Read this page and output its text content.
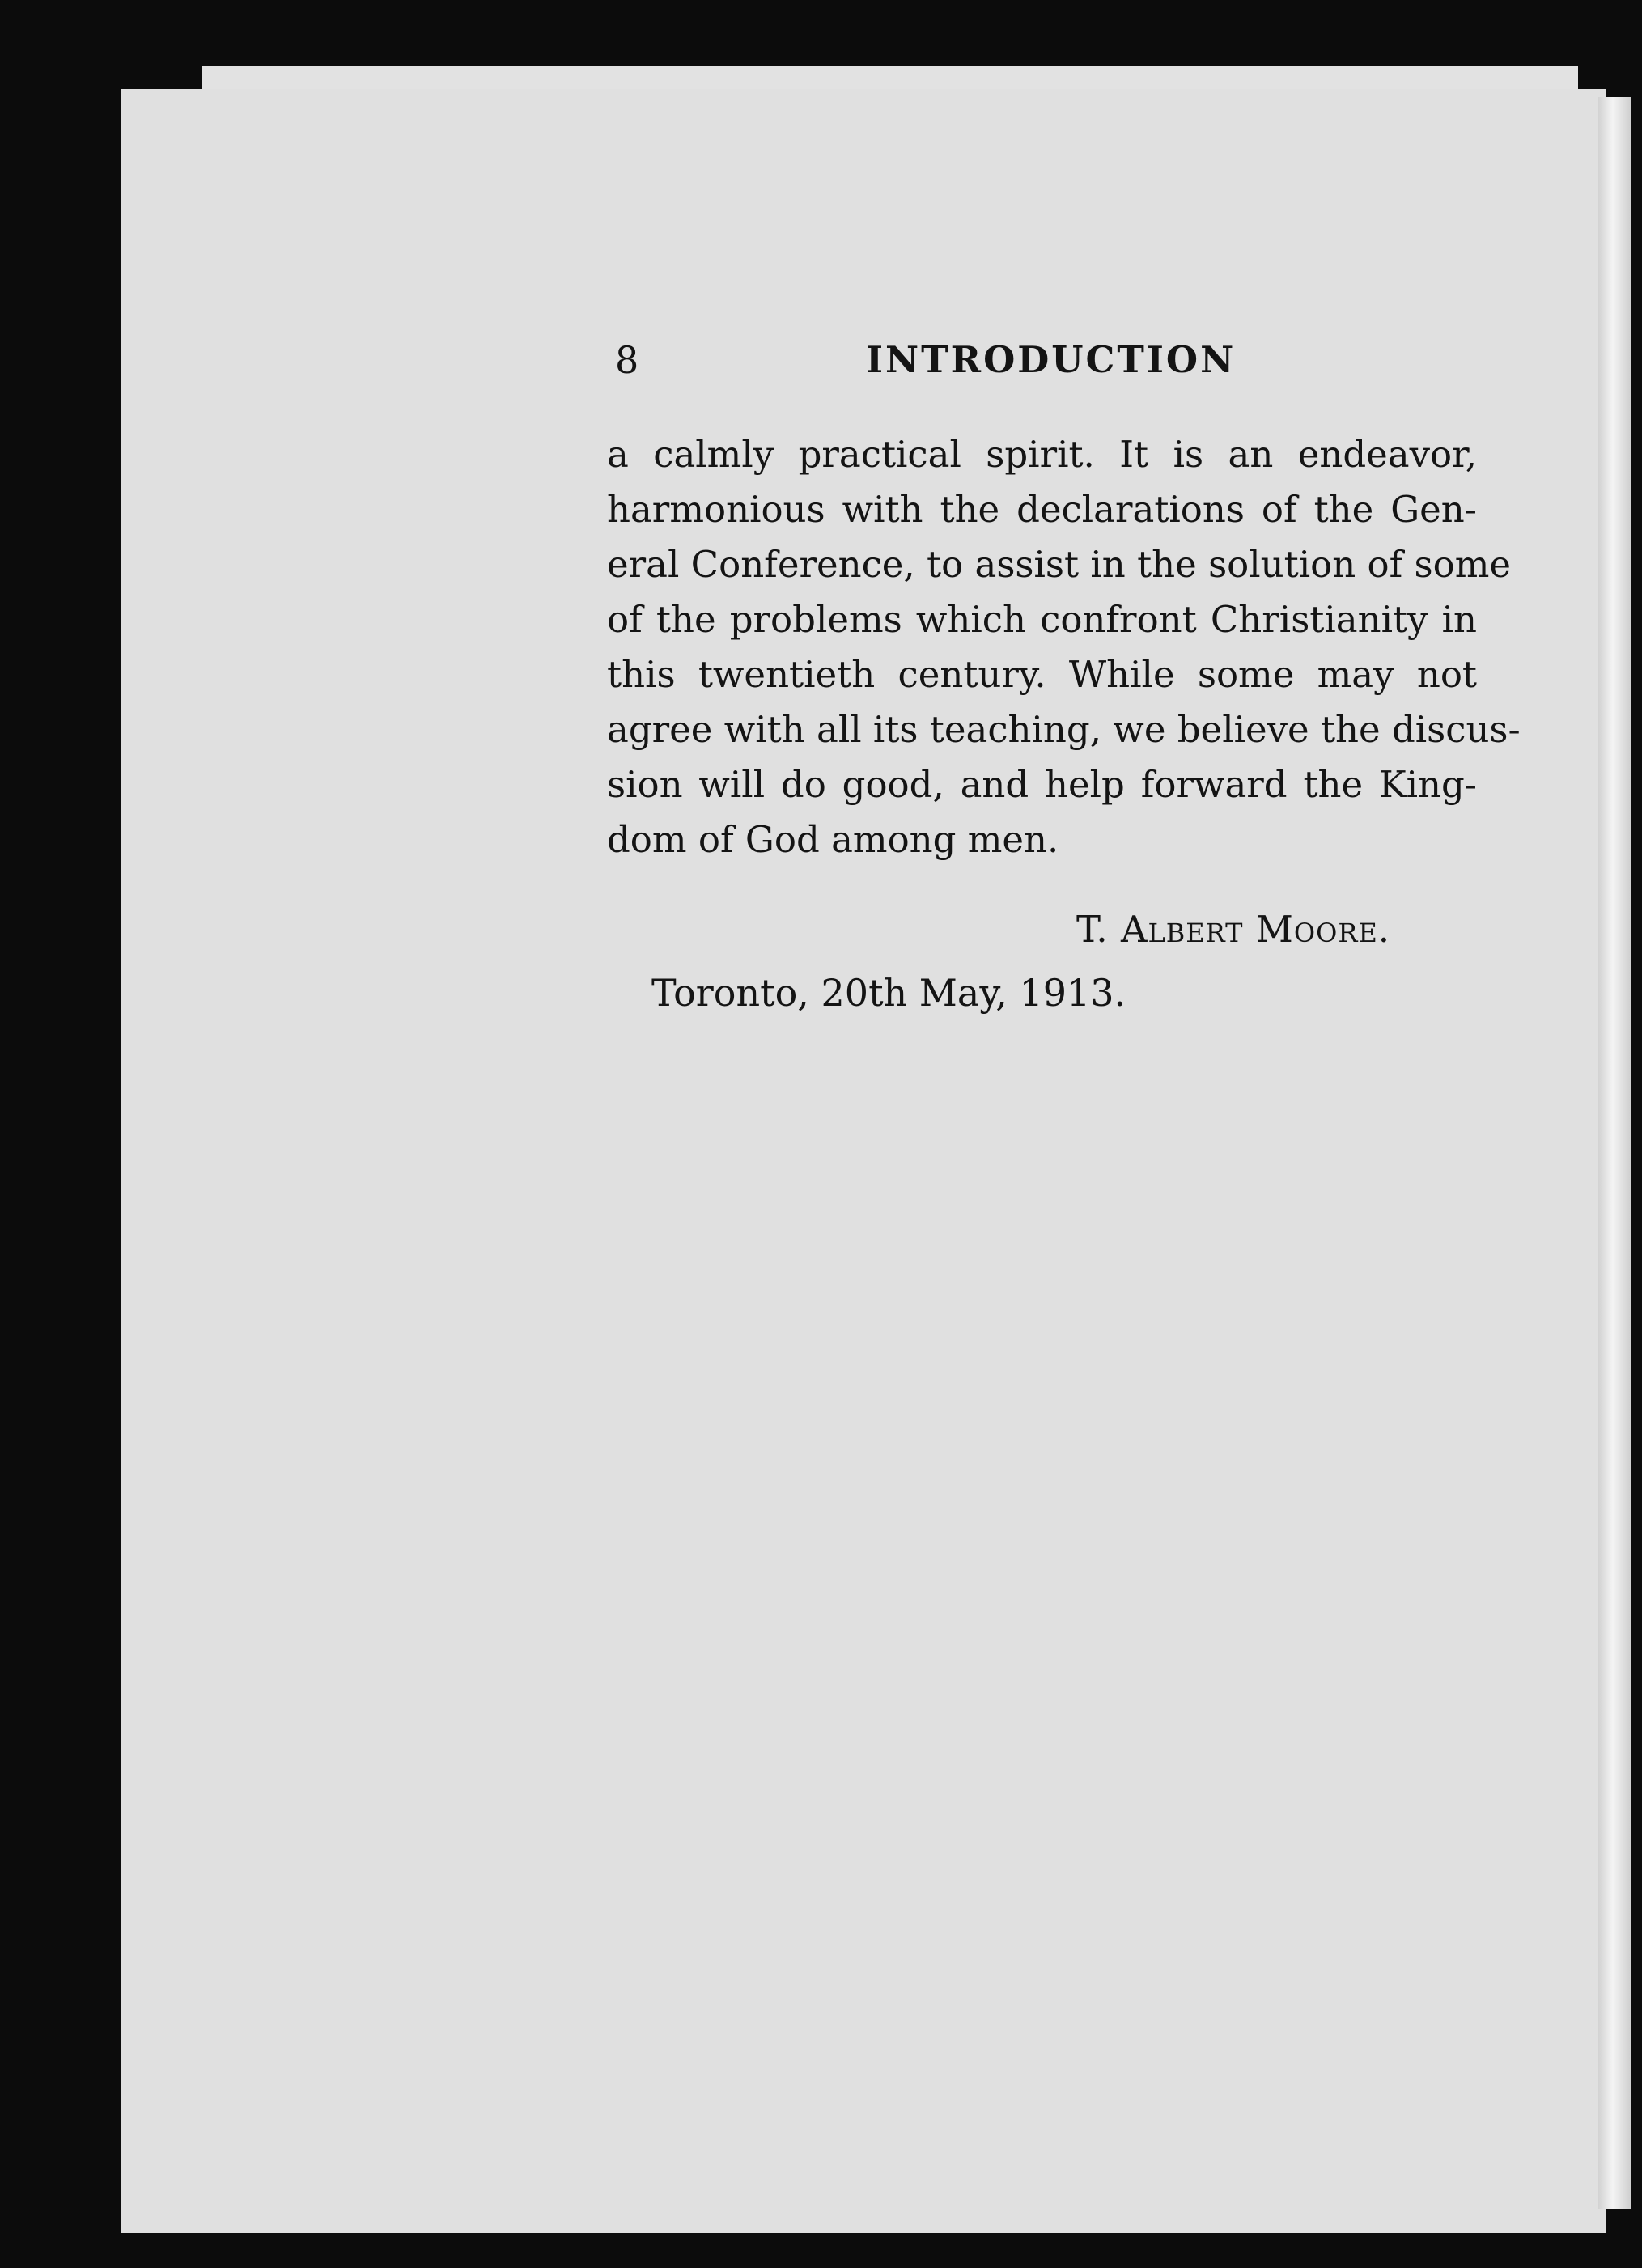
8	INTRODUCTION

a calmly practical spirit. It is an endeavor,
harmonious with the declarations of the Gen-
eral Conference, to assist in the solution of some
of the problems which confront Christianity in
this twentieth century. While some may not
agree with all its teaching, we believe the discus-
sion will do good, and help forward the King-
dom of God among men.

T. Albert Moore.
Toronto, 20th May, 1913.
